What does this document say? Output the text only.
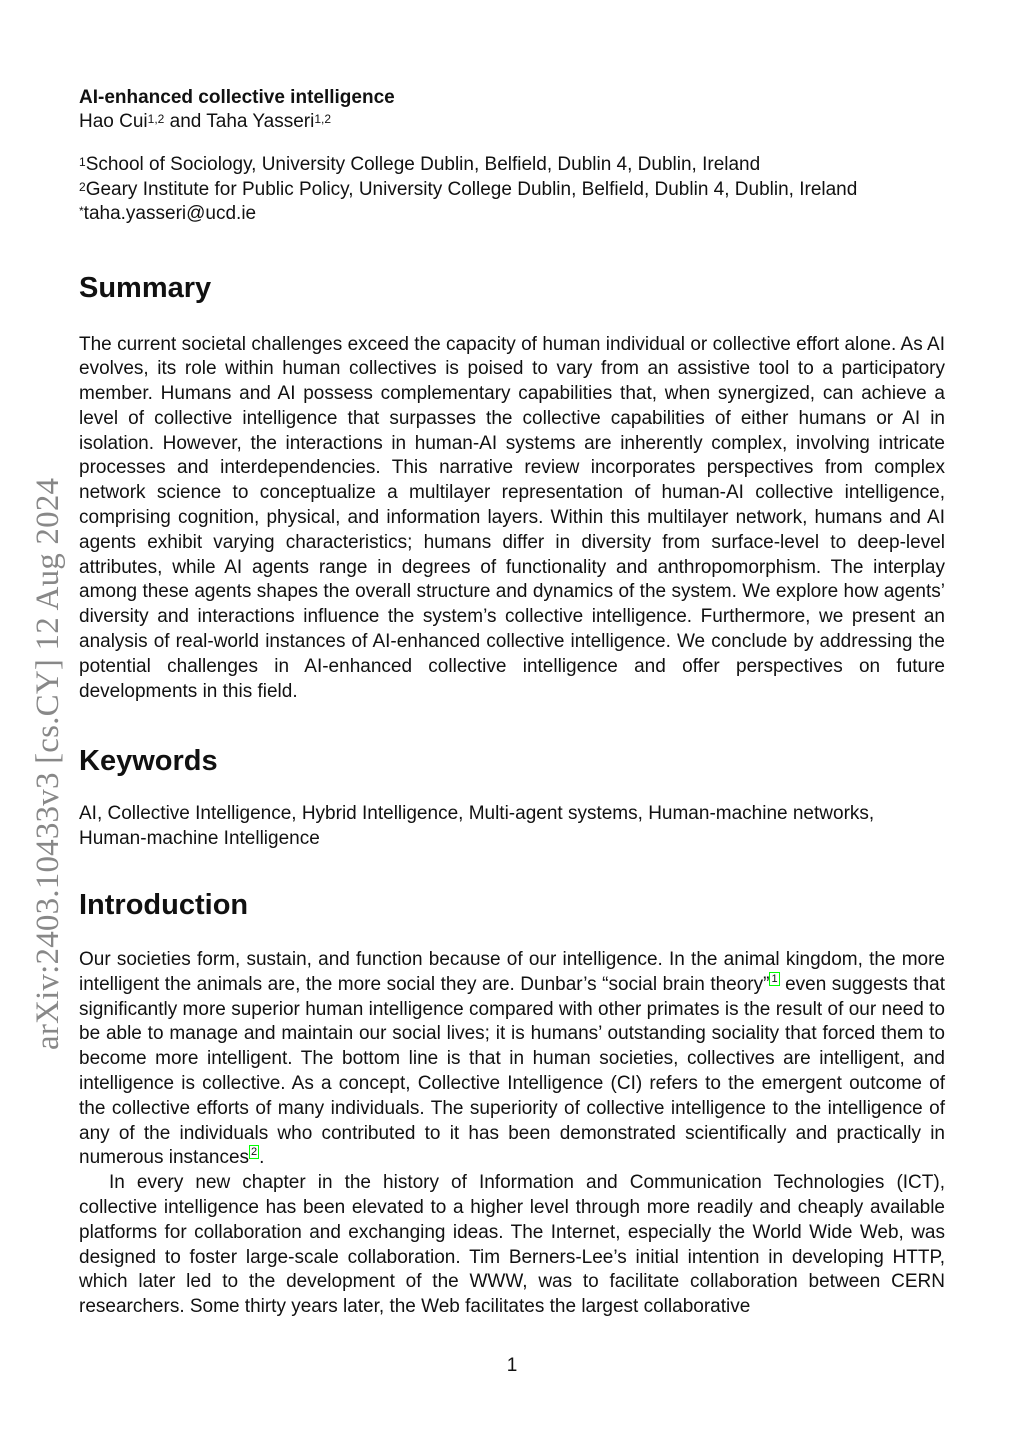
arXiv:2403.10433v3 [cs.CY] 12 Aug 2024
AI-enhanced collective intelligence
Hao Cui$^{1,2}$ and Taha Yasseri$^{1,2}$
$^1$School of Sociology, University College Dublin, Belfield, Dublin 4, Dublin, Ireland
$^2$Geary Institute for Public Policy, University College Dublin, Belfield, Dublin 4, Dublin, Ireland
*taha.yasseri@ucd.ie
Summary

The current societal challenges exceed the capacity of human individual or collective effort alone. As AI evolves, its role within human collectives is poised to vary from an assistive tool to a participatory member. Humans and AI possess complementary capabilities that, when synergized, can achieve a level of collective intelligence that surpasses the collective capabilities of either humans or AI in isolation. However, the interactions in human-AI systems are inherently complex, involving intricate processes and interdependencies. This narrative review incorporates perspectives from complex network science to conceptualize a multilayer representation of human-AI collective intelligence, comprising cognition, physical, and information layers. Within this multilayer network, humans and AI agents exhibit varying characteristics; humans differ in diversity from surface-level to deep-level attributes, while AI agents range in degrees of functionality and anthropomorphism. The interplay among these agents shapes the overall structure and dynamics of the system. We explore how agents’ diversity and interactions influence the system’s collective intelligence. Furthermore, we present an analysis of real-world instances of AI-enhanced collective intelligence. We conclude by addressing the potential challenges in AI-enhanced collective intelligence and offer perspectives on future developments in this field.

Keywords

AI, Collective Intelligence, Hybrid Intelligence, Multi-agent systems, Human-machine networks, Human-machine Intelligence

Introduction

Our societies form, sustain, and function because of our intelligence. In the animal kingdom, the more intelligent the animals are, the more social they are. Dunbar’s “social brain theory” 1 even suggests that significantly more superior human intelligence compared with other primates is the result of our need to be able to manage and maintain our social lives; it is humans’ outstanding sociality that forced them to become more intelligent. The bottom line is that in human societies, collectives are intelligent, and intelligence is collective. As a concept, Collective Intelligence (CI) refers to the emergent outcome of the collective efforts of many individuals. The superiority of collective intelligence to the intelligence of any of the individuals who contributed to it has been demonstrated scientifically and practically in numerous instances 2 .

In every new chapter in the history of Information and Communication Technologies (ICT), collective intelligence has been elevated to a higher level through more readily and cheaply available platforms for collaboration and exchanging ideas. The Internet, especially the World Wide Web, was designed to foster large-scale collaboration. Tim Berners-Lee’s initial intention in developing HTTP, which later led to the development of the WWW, was to facilitate collaboration between CERN researchers. Some thirty years later, the Web facilitates the largest collaborative

1
